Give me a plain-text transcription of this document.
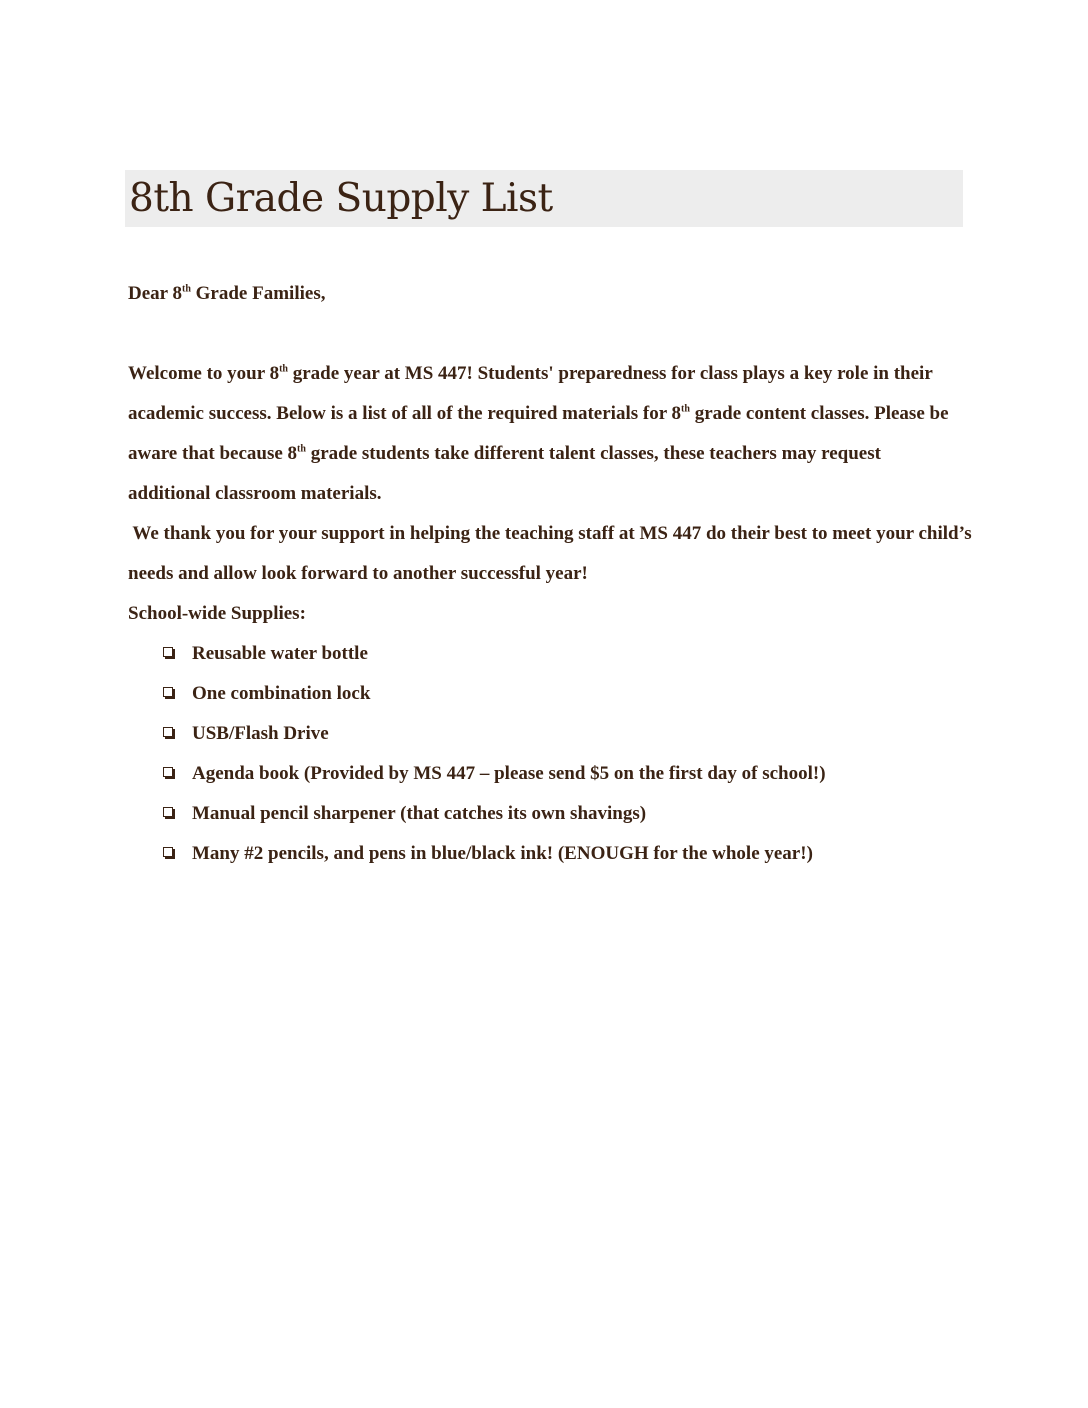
8th Grade Supply List
Dear 8th Grade Families,
Welcome to your 8th grade year at MS 447! Students' preparedness for class plays a key role in their
academic success. Below is a list of all of the required materials for 8th grade content classes. Please be
aware that because 8th grade students take different talent classes, these teachers may request
additional classroom materials.
We thank you for your support in helping the teaching staff at MS 447 do their best to meet your child’s
needs and allow look forward to another successful year!
School-wide Supplies:
Reusable water bottle
One combination lock
USB/Flash Drive
Agenda book (Provided by MS 447 – please send $5 on the first day of school!)
Manual pencil sharpener (that catches its own shavings)
Many #2 pencils, and pens in blue/black ink! (ENOUGH for the whole year!)
